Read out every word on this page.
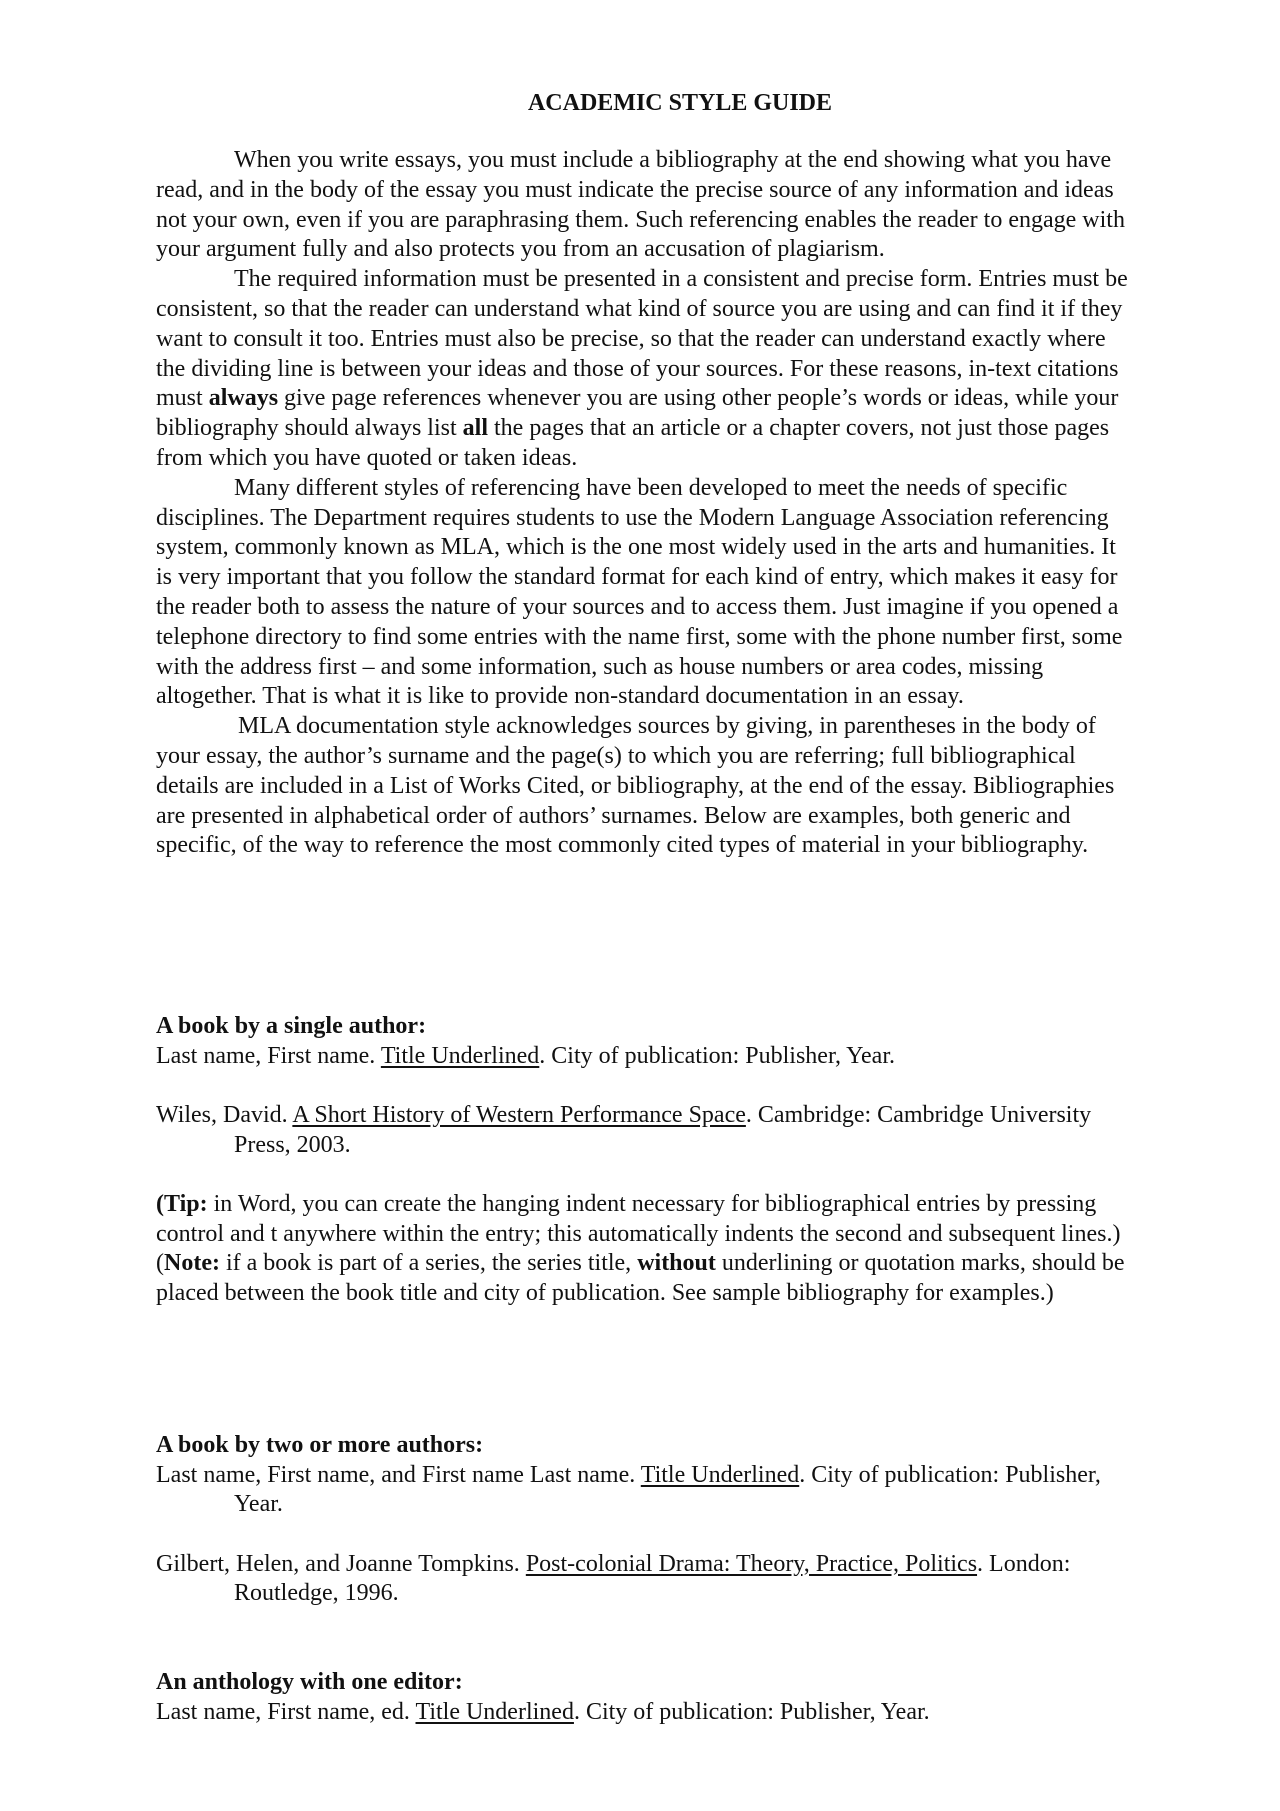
ACADEMIC STYLE GUIDE

When you write essays, you must include a bibliography at the end showing what you have read, and in the body of the essay you must indicate the precise source of any information and ideas not your own, even if you are paraphrasing them. Such referencing enables the reader to engage with your argument fully and also protects you from an accusation of plagiarism.

The required information must be presented in a consistent and precise form. Entries must be consistent, so that the reader can understand what kind of source you are using and can find it if they want to consult it too. Entries must also be precise, so that the reader can understand exactly where the dividing line is between your ideas and those of your sources. For these reasons, in-text citations must always give page references whenever you are using other people’s words or ideas, while your bibliography should always list all the pages that an article or a chapter covers, not just those pages from which you have quoted or taken ideas.

Many different styles of referencing have been developed to meet the needs of specific disciplines. The Department requires students to use the Modern Language Association referencing system, commonly known as MLA, which is the one most widely used in the arts and humanities. It is very important that you follow the standard format for each kind of entry, which makes it easy for the reader both to assess the nature of your sources and to access them. Just imagine if you opened a telephone directory to find some entries with the name first, some with the phone number first, some with the address first – and some information, such as house numbers or area codes, missing altogether. That is what it is like to provide non-standard documentation in an essay.

MLA documentation style acknowledges sources by giving, in parentheses in the body of your essay, the author’s surname and the page(s) to which you are referring; full bibliographical details are included in a List of Works Cited, or bibliography, at the end of the essay. Bibliographies are presented in alphabetical order of authors’ surnames. Below are examples, both generic and specific, of the way to reference the most commonly cited types of material in your bibliography.

A book by a single author:

Last name, First name. Title Underlined. City of publication: Publisher, Year.

Wiles, David. A Short History of Western Performance Space. Cambridge: Cambridge University Press, 2003.

(Tip: in Word, you can create the hanging indent necessary for bibliographical entries by pressing control and t anywhere within the entry; this automatically indents the second and subsequent lines.)

(Note: if a book is part of a series, the series title, without underlining or quotation marks, should be placed between the book title and city of publication. See sample bibliography for examples.)

A book by two or more authors:

Last name, First name, and First name Last name. Title Underlined. City of publication: Publisher, Year.

Gilbert, Helen, and Joanne Tompkins. Post-colonial Drama: Theory, Practice, Politics. London: Routledge, 1996.

An anthology with one editor:

Last name, First name, ed. Title Underlined. City of publication: Publisher, Year.
